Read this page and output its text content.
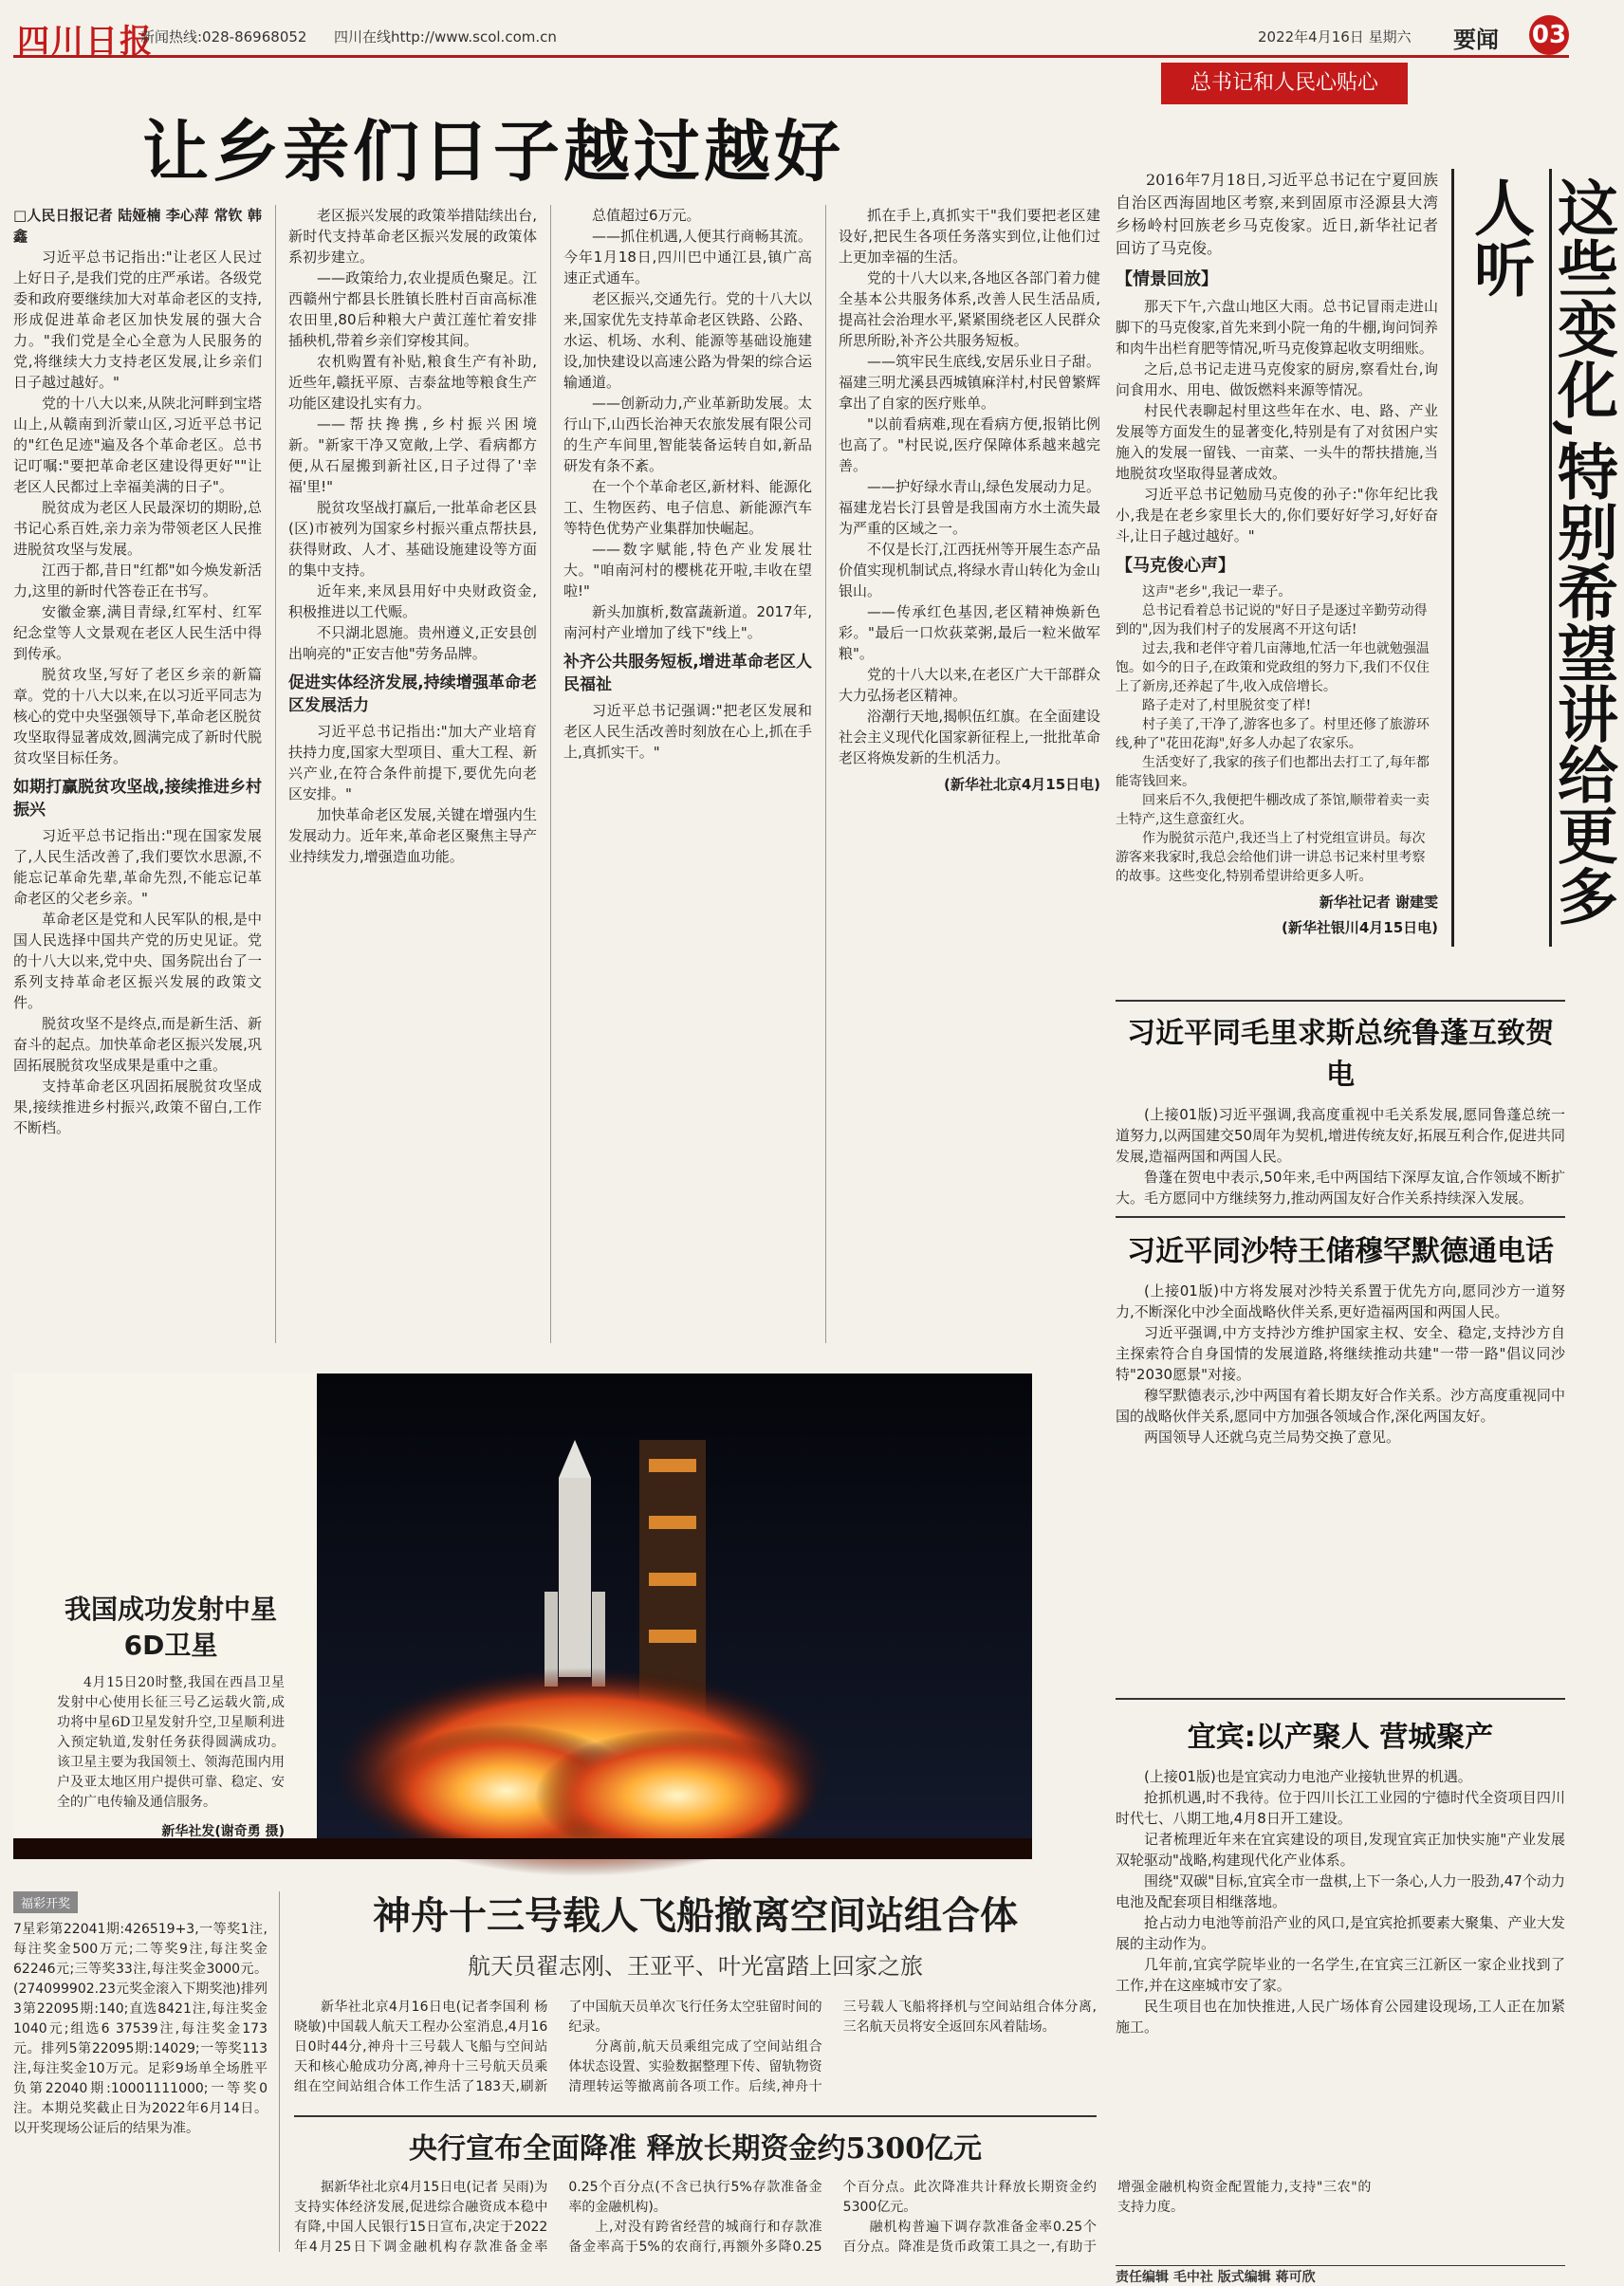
四川日报
新闻热线:028-86968052 四川在线http://www.scol.com.cn	2022年4月16日 星期六 要闻 03
总书记和人民心贴心
让乡亲们日子越过越好
□人民日报记者 陆娅楠 李心萍 常钦 韩鑫

习近平总书记指出:"让老区人民过上好日子,是我们党的庄严承诺。各级党委和政府要继续加大对革命老区的支持,形成促进革命老区加快发展的强大合力。"我们党是全心全意为人民服务的党,将继续大力支持老区发展,让乡亲们日子越过越好。"

党的十八大以来,从陕北河畔到宝塔山上,从赣南到沂蒙山区,习近平总书记的"红色足迹"遍及各个革命老区。总书记叮嘱:"要把革命老区建设得更好""让老区人民都过上幸福美满的日子"。

脱贫成为老区人民最深切的期盼,总书记心系百姓,亲力亲为带领老区人民推进脱贫攻坚与发展。

江西于都,昔日"红都"如今焕发新活力,这里的新时代答卷正在书写。

安徽金寨,满目青绿,红军村、红军纪念堂等人文景观在老区人民生活中得到传承。

脱贫攻坚,写好了老区乡亲的新篇章。党的十八大以来,在以习近平同志为核心的党中央坚强领导下,革命老区脱贫攻坚取得显著成效,圆满完成了新时代脱贫攻坚目标任务。

如期打赢脱贫攻坚战,接续推进乡村振兴

习近平总书记指出:"现在国家发展了,人民生活改善了,我们要饮水思源,不能忘记革命先辈,革命先烈,不能忘记革命老区的父老乡亲。"

革命老区是党和人民军队的根,是中国人民选择中国共产党的历史见证。党的十八大以来,党中央、国务院出台了一系列支持革命老区振兴发展的政策文件。

脱贫攻坚不是终点,而是新生活、新奋斗的起点。加快革命老区振兴发展,巩固拓展脱贫攻坚成果是重中之重。

支持革命老区巩固拓展脱贫攻坚成果,接续推进乡村振兴,政策不留白,工作不断档。

老区振兴发展的政策举措陆续出台,新时代支持革命老区振兴发展的政策体系初步建立。

——政策给力,农业提质色聚足。江西赣州宁都县长胜镇长胜村百亩高标准农田里,80后种粮大户黄江莲忙着安排插秧机,带着乡亲们穿梭其间。

农机购置有补贴,粮食生产有补助,近些年,赣抚平原、吉泰盆地等粮食生产功能区建设扎实有力。

——帮扶搀携,乡村振兴困境新。"新家干净又宽敞,上学、看病都方便,从石屋搬到新社区,日子过得了'幸福'里!"

脱贫攻坚战打赢后,一批革命老区县(区)市被列为国家乡村振兴重点帮扶县,获得财政、人才、基础设施建设等方面的集中支持。

近年来,来凤县用好中央财政资金,积极推进以工代赈。

不只湖北恩施。贵州遵义,正安县创出响亮的"正安吉他"劳务品牌。

促进实体经济发展,持续增强革命老区发展活力

习近平总书记指出:"加大产业培育扶持力度,国家大型项目、重大工程、新兴产业,在符合条件前提下,要优先向老区安排。"

加快革命老区发展,关键在增强内生发展动力。近年来,革命老区聚焦主导产业持续发力,增强造血功能。

总值超过6万元。

——抓住机遇,人便其行商畅其流。今年1月18日,四川巴中通江县,镇广高速正式通车。

老区振兴,交通先行。党的十八大以来,国家优先支持革命老区铁路、公路、水运、机场、水利、能源等基础设施建设,加快建设以高速公路为骨架的综合运输通道。

——创新动力,产业革新助发展。太行山下,山西长治神天农旅发展有限公司的生产车间里,智能装备运转自如,新品研发有条不紊。

在一个个革命老区,新材料、能源化工、生物医药、电子信息、新能源汽车等特色优势产业集群加快崛起。

——数字赋能,特色产业发展壮大。"咱南河村的樱桃花开啦,丰收在望啦!"

新头加旗析,数富蔬新道。2017年,南河村产业增加了线下"线上"。

补齐公共服务短板,增进革命老区人民福祉

习近平总书记强调:"把老区发展和老区人民生活改善时刻放在心上,抓在手上,真抓实干。"

抓在手上,真抓实干"我们要把老区建设好,把民生各项任务落实到位,让他们过上更加幸福的生活。

党的十八大以来,各地区各部门着力健全基本公共服务体系,改善人民生活品质,提高社会治理水平,紧紧围绕老区人民群众所思所盼,补齐公共服务短板。

——筑牢民生底线,安居乐业日子甜。福建三明尤溪县西城镇麻洋村,村民曾繁辉拿出了自家的医疗账单。

"以前看病难,现在看病方便,报销比例也高了。"村民说,医疗保障体系越来越完善。

——护好绿水青山,绿色发展动力足。福建龙岩长汀县曾是我国南方水土流失最为严重的区域之一。

不仅是长汀,江西抚州等开展生态产品价值实现机制试点,将绿水青山转化为金山银山。

——传承红色基因,老区精神焕新色彩。"最后一口炊荻菜粥,最后一粒米做军粮"。

党的十八大以来,在老区广大干部群众大力弘扬老区精神。

浴潮行天地,揭帜伍红旗。在全面建设社会主义现代化国家新征程上,一批批革命老区将焕发新的生机活力。

(新华社北京4月15日电)
2016年7月18日,习近平总书记在宁夏回族自治区西海固地区考察,来到固原市泾源县大湾乡杨岭村回族老乡马克俊家。近日,新华社记者回访了马克俊。
【情景回放】

那天下午,六盘山地区大雨。总书记冒雨走进山脚下的马克俊家,首先来到小院一角的牛棚,询问饲养和肉牛出栏育肥等情况,听马克俊算起收支明细账。

之后,总书记走进马克俊家的厨房,察看灶台,询问食用水、用电、做饭燃料来源等情况。

村民代表聊起村里这些年在水、电、路、产业发展等方面发生的显著变化,特别是有了对贫困户实施入的发展一留钱、一亩菜、一头牛的帮扶措施,当地脱贫攻坚取得显著成效。

习近平总书记勉励马克俊的孙子:"你年纪比我小,我是在老乡家里长大的,你们要好好学习,好好奋斗,让日子越过越好。"

【马克俊心声】
这声"老乡",我记一辈子。
总书记看着总书记说的"好日子是逐过辛勤劳动得到的",因为我们村子的发展离不开这句话!
过去,我和老伴守着几亩薄地,忙活一年也就勉强温饱。如今的日子,在政策和党政组的努力下,我们不仅住上了新房,还养起了牛,收入成倍增长。
路子走对了,村里脱贫变了样!
村子美了,干净了,游客也多了。村里还修了旅游环线,种了"花田花海",好多人办起了农家乐。
生活变好了,我家的孩子们也都出去打工了,每年都能寄钱回来。
回来后不久,我便把牛棚改成了茶馆,顺带着卖一卖土特产,这生意蛮红火。
作为脱贫示范户,我还当上了村党组宣讲员。每次游客来我家时,我总会给他们讲一讲总书记来村里考察的故事。这些变化,特别希望讲给更多人听。
新华社记者 谢建雯
(新华社银川4月15日电)
这些变化,特别希望讲给更多人听
习近平同毛里求斯总统鲁蓬互致贺电

(上接01版)习近平强调,我高度重视中毛关系发展,愿同鲁蓬总统一道努力,以两国建交50周年为契机,增进传统友好,拓展互利合作,促进共同发展,造福两国和两国人民。

鲁蓬在贺电中表示,50年来,毛中两国结下深厚友谊,合作领域不断扩大。毛方愿同中方继续努力,推动两国友好合作关系持续深入发展。

习近平同沙特王储穆罕默德通电话

(上接01版)中方将发展对沙特关系置于优先方向,愿同沙方一道努力,不断深化中沙全面战略伙伴关系,更好造福两国和两国人民。

习近平强调,中方支持沙方维护国家主权、安全、稳定,支持沙方自主探索符合自身国情的发展道路,将继续推动共建"一带一路"倡议同沙特"2030愿景"对接。

穆罕默德表示,沙中两国有着长期友好合作关系。沙方高度重视同中国的战略伙伴关系,愿同中方加强各领域合作,深化两国友好。

两国领导人还就乌克兰局势交换了意见。

宜宾:以产聚人 营城聚产

(上接01版)也是宜宾动力电池产业接轨世界的机遇。

抢抓机遇,时不我待。位于四川长江工业园的宁德时代全资项目四川时代七、八期工地,4月8日开工建设。

记者梳理近年来在宜宾建设的项目,发现宜宾正加快实施"产业发展双轮驱动"战略,构建现代化产业体系。

围绕"双碳"目标,宜宾全市一盘棋,上下一条心,人力一股劲,47个动力电池及配套项目相继落地。

抢占动力电池等前沿产业的风口,是宜宾抢抓要素大聚集、产业大发展的主动作为。

几年前,宜宾学院毕业的一名学生,在宜宾三江新区一家企业找到了工作,并在这座城市安了家。

民生项目也在加快推进,人民广场体育公园建设现场,工人正在加紧施工。

我国成功发射中星6D卫星
4月15日20时整,我国在西昌卫星发射中心使用长征三号乙运载火箭,成功将中星6D卫星发射升空,卫星顺利进入预定轨道,发射任务获得圆满成功。该卫星主要为我国领土、领海范围内用户及亚太地区用户提供可靠、稳定、安全的广电传输及通信服务。
新华社发(谢奇勇 摄)
福彩开奖
7星彩第22041期:426519+3,一等奖1注,每注奖金500万元;二等奖9注,每注奖金62246元;三等奖33注,每注奖金3000元。(274099902.23元奖金滚入下期奖池)排列3第22095期:140;直选8421注,每注奖金1040元;组选6 37539注,每注奖金173元。排列5第22095期:14029;一等奖113注,每注奖金10万元。足彩9场单全场胜平负第22040期:10001111000;一等奖0注。本期兑奖截止日为2022年6月14日。以开奖现场公证后的结果为准。
神舟十三号载人飞船撤离空间站组合体
航天员翟志刚、王亚平、叶光富踏上回家之旅

新华社北京4月16日电(记者李国利 杨晓敏)中国载人航天工程办公室消息,4月16日0时44分,神舟十三号载人飞船与空间站天和核心舱成功分离,神舟十三号航天员乘组在空间站组合体工作生活了183天,刷新了中国航天员单次飞行任务太空驻留时间的纪录。

分离前,航天员乘组完成了空间站组合体状态设置、实验数据整理下传、留轨物资清理转运等撤离前各项工作。后续,神舟十三号载人飞船将择机与空间站组合体分离,三名航天员将安全返回东风着陆场。

央行宣布全面降准 释放长期资金约5300亿元

据新华社北京4月15日电(记者 吴雨)为支持实体经济发展,促进综合融资成本稳中有降,中国人民银行15日宣布,决定于2022年4月25日下调金融机构存款准备金率0.25个百分点(不含已执行5%存款准备金率的金融机构)。

上,对没有跨省经营的城商行和存款准备金率高于5%的农商行,再额外多降0.25个百分点。此次降准共计释放长期资金约5300亿元。

融机构普遍下调存款准备金率0.25个百分点。降准是货币政策工具之一,有助于增强金融机构资金配置能力,支持"三农"的支持力度。

责任编辑 毛中社 版式编辑 蒋可欣
